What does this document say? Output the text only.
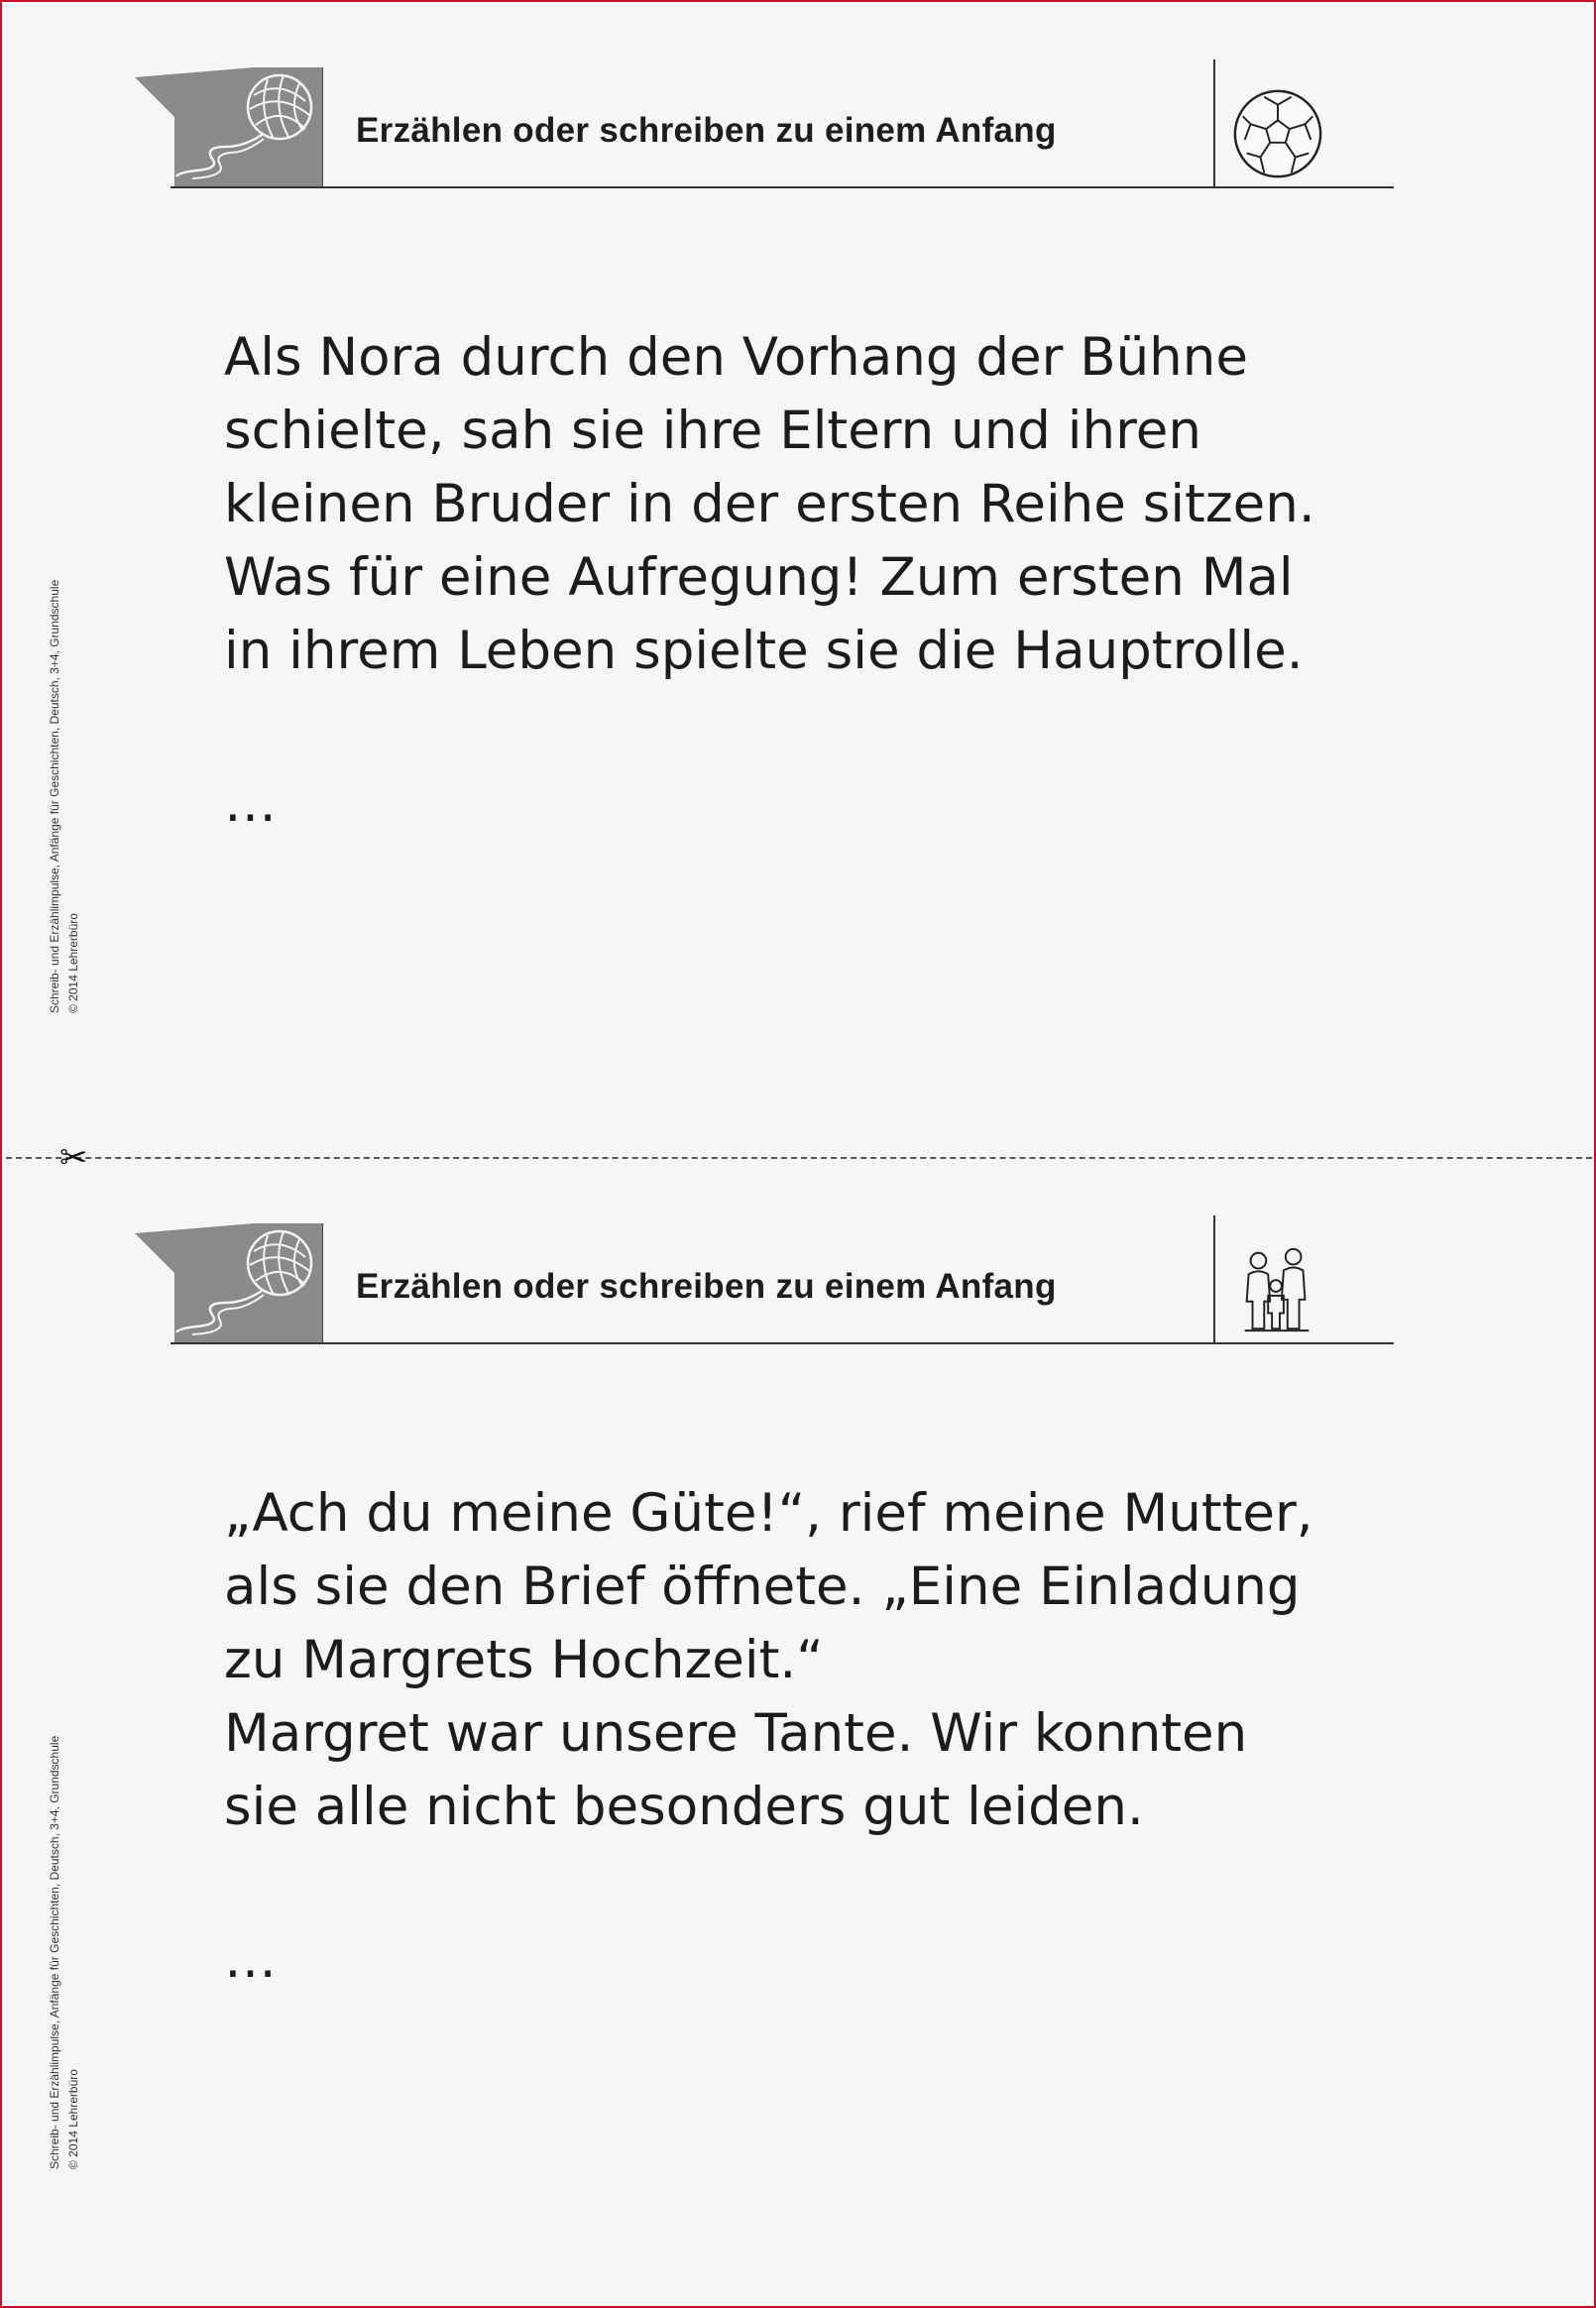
Erzählen oder schreiben zu einem Anfang

Als Nora durch den Vorhang der Bühne

schielte, sah sie ihre Eltern und ihren

kleinen Bruder in der ersten Reihe sitzen.

Was für eine Aufregung! Zum ersten Mal

in ihrem Leben spielte sie die Hauptrolle.

…
Schreib- und Erzählimpulse, Anfänge für Geschichten, Deutsch, 3+4, Grundschule © 2014 Lehrerbüro
✂
Erzählen oder schreiben zu einem Anfang

„Ach du meine Güte!“, rief meine Mutter,

als sie den Brief öffnete. „Eine Einladung

zu Margrets Hochzeit.“

Margret war unsere Tante. Wir konnten

sie alle nicht besonders gut leiden.

…
Schreib- und Erzählimpulse, Anfänge für Geschichten, Deutsch, 3+4, Grundschule © 2014 Lehrerbüro
